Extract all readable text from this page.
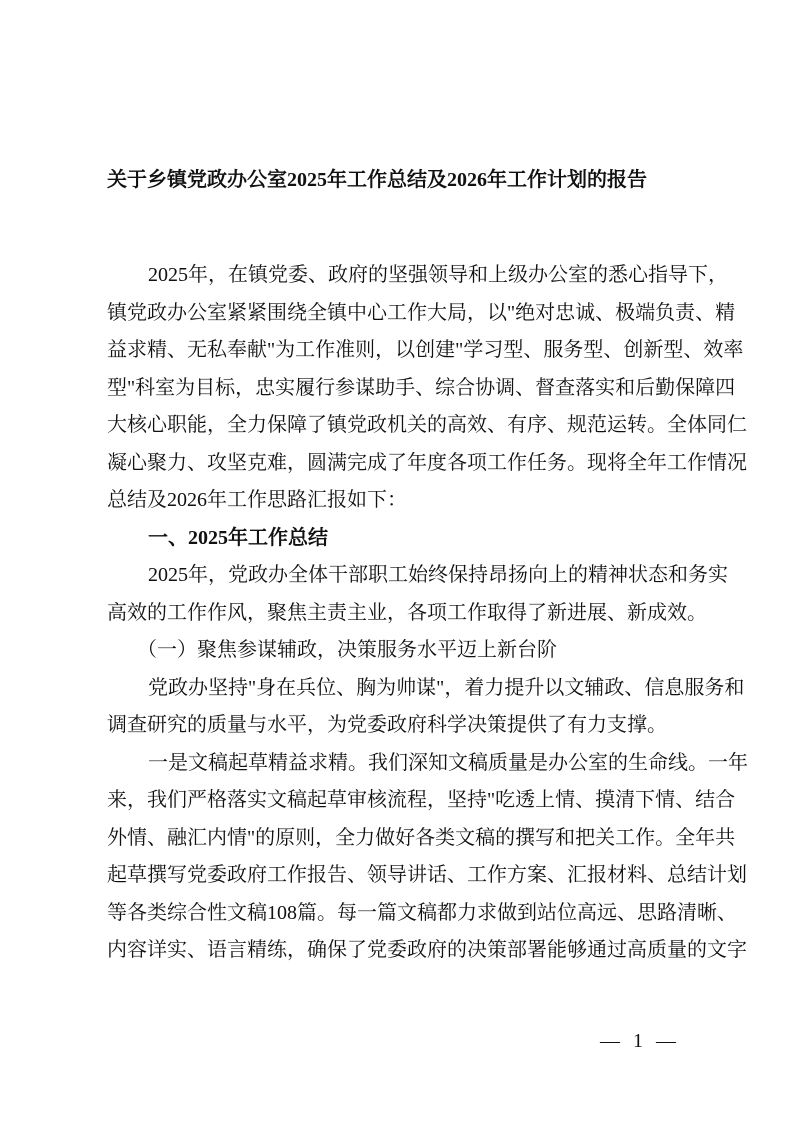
关于乡镇党政办公室2025年工作总结及2026年工作计划的报告
2025年，在镇党委、政府的坚强领导和上级办公室的悉心指导下，
镇党政办公室紧紧围绕全镇中心工作大局，以"绝对忠诚、极端负责、精
益求精、无私奉献"为工作准则，以创建"学习型、服务型、创新型、效率
型"科室为目标，忠实履行参谋助手、综合协调、督查落实和后勤保障四
大核心职能，全力保障了镇党政机关的高效、有序、规范运转。全体同仁
凝心聚力、攻坚克难，圆满完成了年度各项工作任务。现将全年工作情况
总结及2026年工作思路汇报如下：
一、2025年工作总结
2025年，党政办全体干部职工始终保持昂扬向上的精神状态和务实
高效的工作作风，聚焦主责主业，各项工作取得了新进展、新成效。
（一）聚焦参谋辅政，决策服务水平迈上新台阶
党政办坚持"身在兵位、胸为帅谋"，着力提升以文辅政、信息服务和
调查研究的质量与水平，为党委政府科学决策提供了有力支撑。
一是文稿起草精益求精。我们深知文稿质量是办公室的生命线。一年
来，我们严格落实文稿起草审核流程，坚持"吃透上情、摸清下情、结合
外情、融汇内情"的原则，全力做好各类文稿的撰写和把关工作。全年共
起草撰写党委政府工作报告、领导讲话、工作方案、汇报材料、总结计划
等各类综合性文稿108篇。每一篇文稿都力求做到站位高远、思路清晰、
内容详实、语言精练，确保了党委政府的决策部署能够通过高质量的文字
— 1 —
